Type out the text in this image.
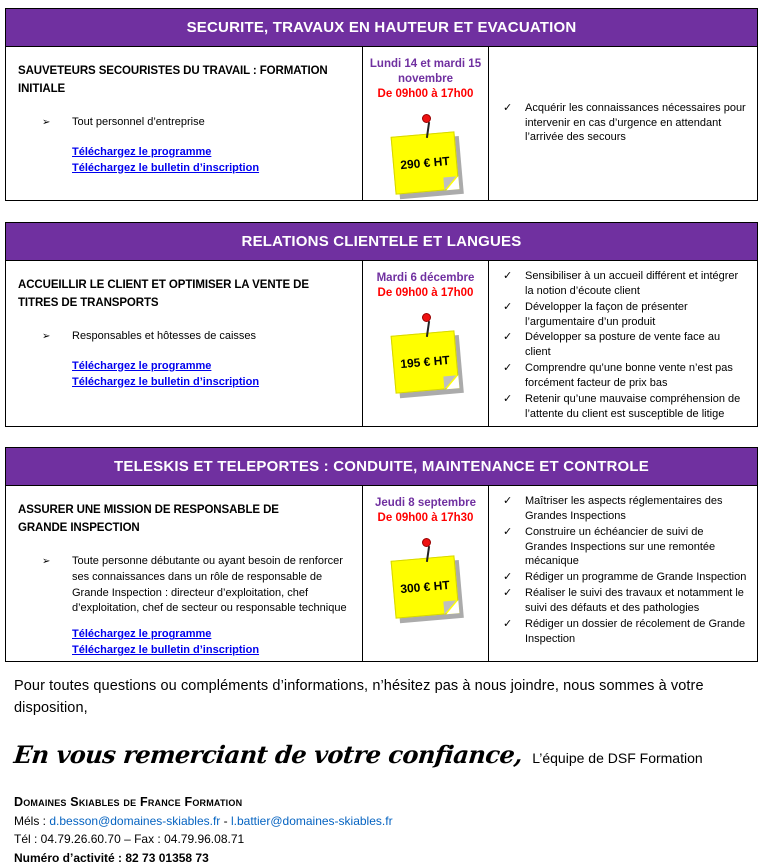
SECURITE, TRAVAUX EN HAUTEUR ET EVACUATION
SAUVETEURS SECOURISTES DU TRAVAIL : FORMATION INITIALE
➢	Tout personnel d’entreprise
Téléchargez le programme
Téléchargez le bulletin d’inscription
Lundi 14 et mardi 15 novembre
De 09h00 à 17h00
290 € HT
✓	Acquérir les connaissances nécessaires pour intervenir en cas d’urgence en attendant l’arrivée des secours
RELATIONS CLIENTELE ET LANGUES
ACCUEILLIR LE CLIENT ET OPTIMISER LA VENTE DE TITRES DE TRANSPORTS
➢	Responsables et hôtesses de caisses
Téléchargez le programme
Téléchargez le bulletin d’inscription
Mardi 6 décembre
De 09h00 à 17h00
195 € HT
✓	Sensibiliser à un accueil différent et intégrer la notion d’écoute client
✓	Développer la façon de présenter l’argumentaire d’un produit
✓	Développer sa posture de vente face au client
✓	Comprendre qu’une bonne vente n’est pas forcément facteur de prix bas
✓	Retenir qu’une mauvaise compréhension de l’attente du client est susceptible de litige
TELESKIS ET TELEPORTES : CONDUITE, MAINTENANCE ET CONTROLE
ASSURER UNE MISSION DE RESPONSABLE DE GRANDE INSPECTION
➢	Toute personne débutante ou ayant besoin de renforcer ses connaissances dans un rôle de responsable de Grande Inspection : directeur d’exploitation, chef d’exploitation, chef de secteur ou responsable technique
Téléchargez le programme
Téléchargez le bulletin d’inscription
Jeudi 8 septembre
De 09h00 à 17h30
300 € HT
✓	Maîtriser les aspects réglementaires des Grandes Inspections
✓	Construire un échéancier de suivi de Grandes Inspections sur une remontée mécanique
✓	Rédiger un programme de Grande Inspection
✓	Réaliser le suivi des travaux et notamment le suivi des défauts et des pathologies
✓	Rédiger un dossier de récolement de Grande Inspection

Pour toutes questions ou compléments d’informations, n’hésitez pas à nous joindre, nous sommes à votre disposition,

En vous remerciant de votre confiance, L’équipe de DSF Formation
Domaines Skiables de France Formation
Méls : d.besson@domaines-skiables.fr - l.battier@domaines-skiables.fr
Tél : 04.79.26.60.70 – Fax : 04.79.96.08.71
Numéro d’activité : 82 73 01358 73
